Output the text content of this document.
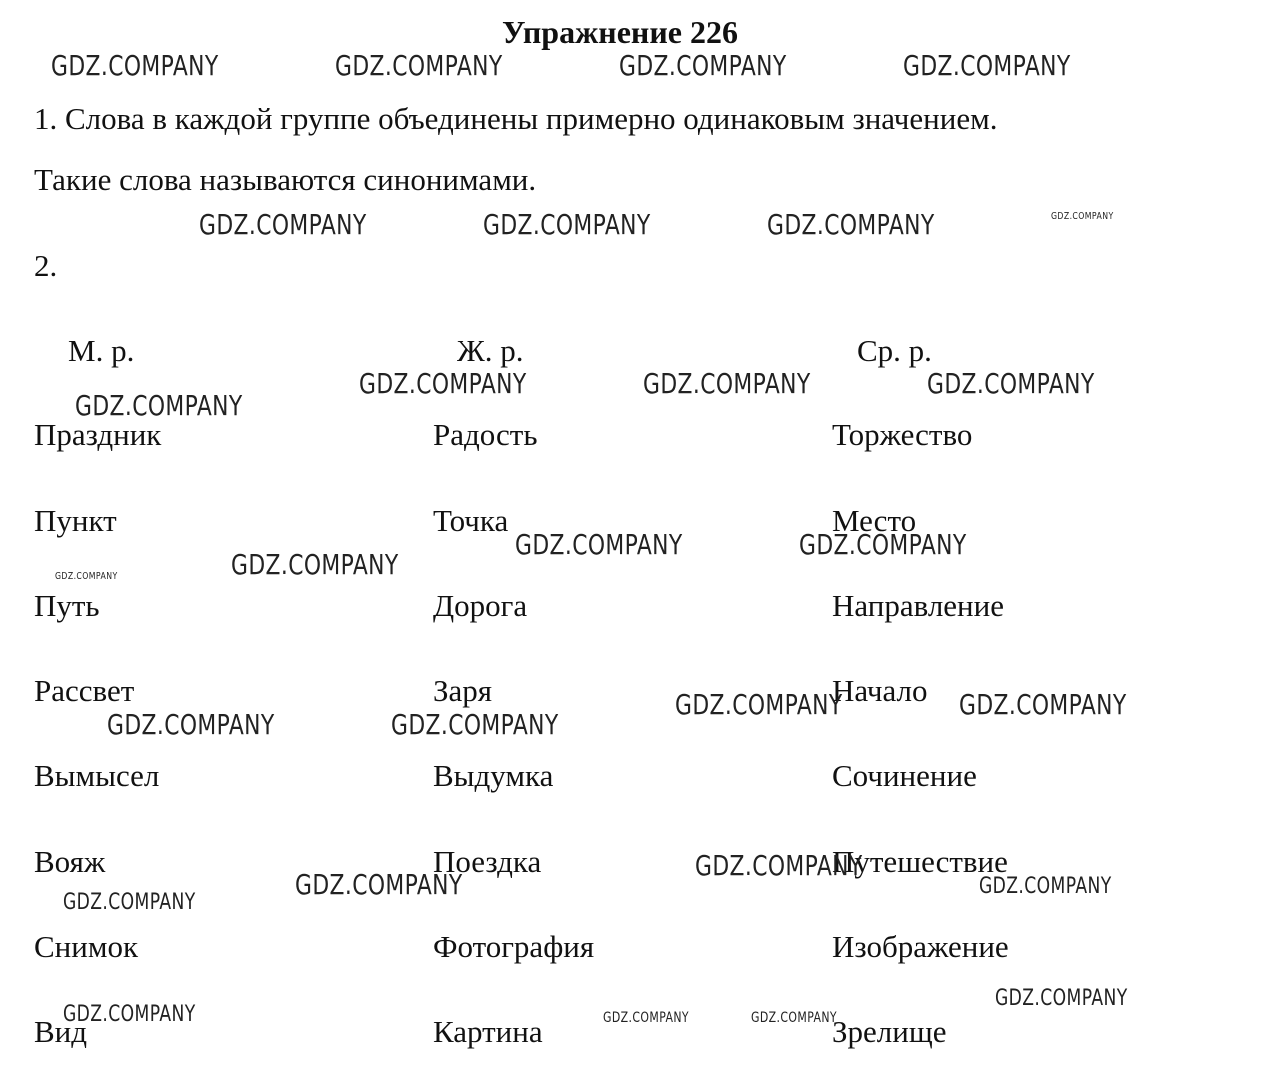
Упражнение 226

1. Слова в каждой группе объединены примерно одинаковым значением.

Такие слова называются синонимами.

2.

М. р.	Ж. р.	Ср. р.

Праздник	Радость	Торжество
Пункт	Точка	Место
Путь	Дорога	Направление
Рассвет	Заря	Начало
Вымысел	Выдумка	Сочинение
Вояж	Поездка	Путешествие
Снимок	Фотография	Изображение
Вид	Картина	Зрелище
GDZ.COMPANY	GDZ.COMPANY	GDZ.COMPANY	GDZ.COMPANY
GDZ.COMPANY	GDZ.COMPANY	GDZ.COMPANY	GDZ.COMPANY
GDZ.COMPANY	GDZ.COMPANY	GDZ.COMPANY
GDZ.COMPANY
GDZ.COMPANY	GDZ.COMPANY
GDZ.COMPANY
GDZ.COMPANY
GDZ.COMPANY	GDZ.COMPANY
GDZ.COMPANY	GDZ.COMPANY
GDZ.COMPANY
GDZ.COMPANY	GDZ.COMPANY
GDZ.COMPANY
GDZ.COMPANY
GDZ.COMPANY	GDZ.COMPANY	GDZ.COMPANY
